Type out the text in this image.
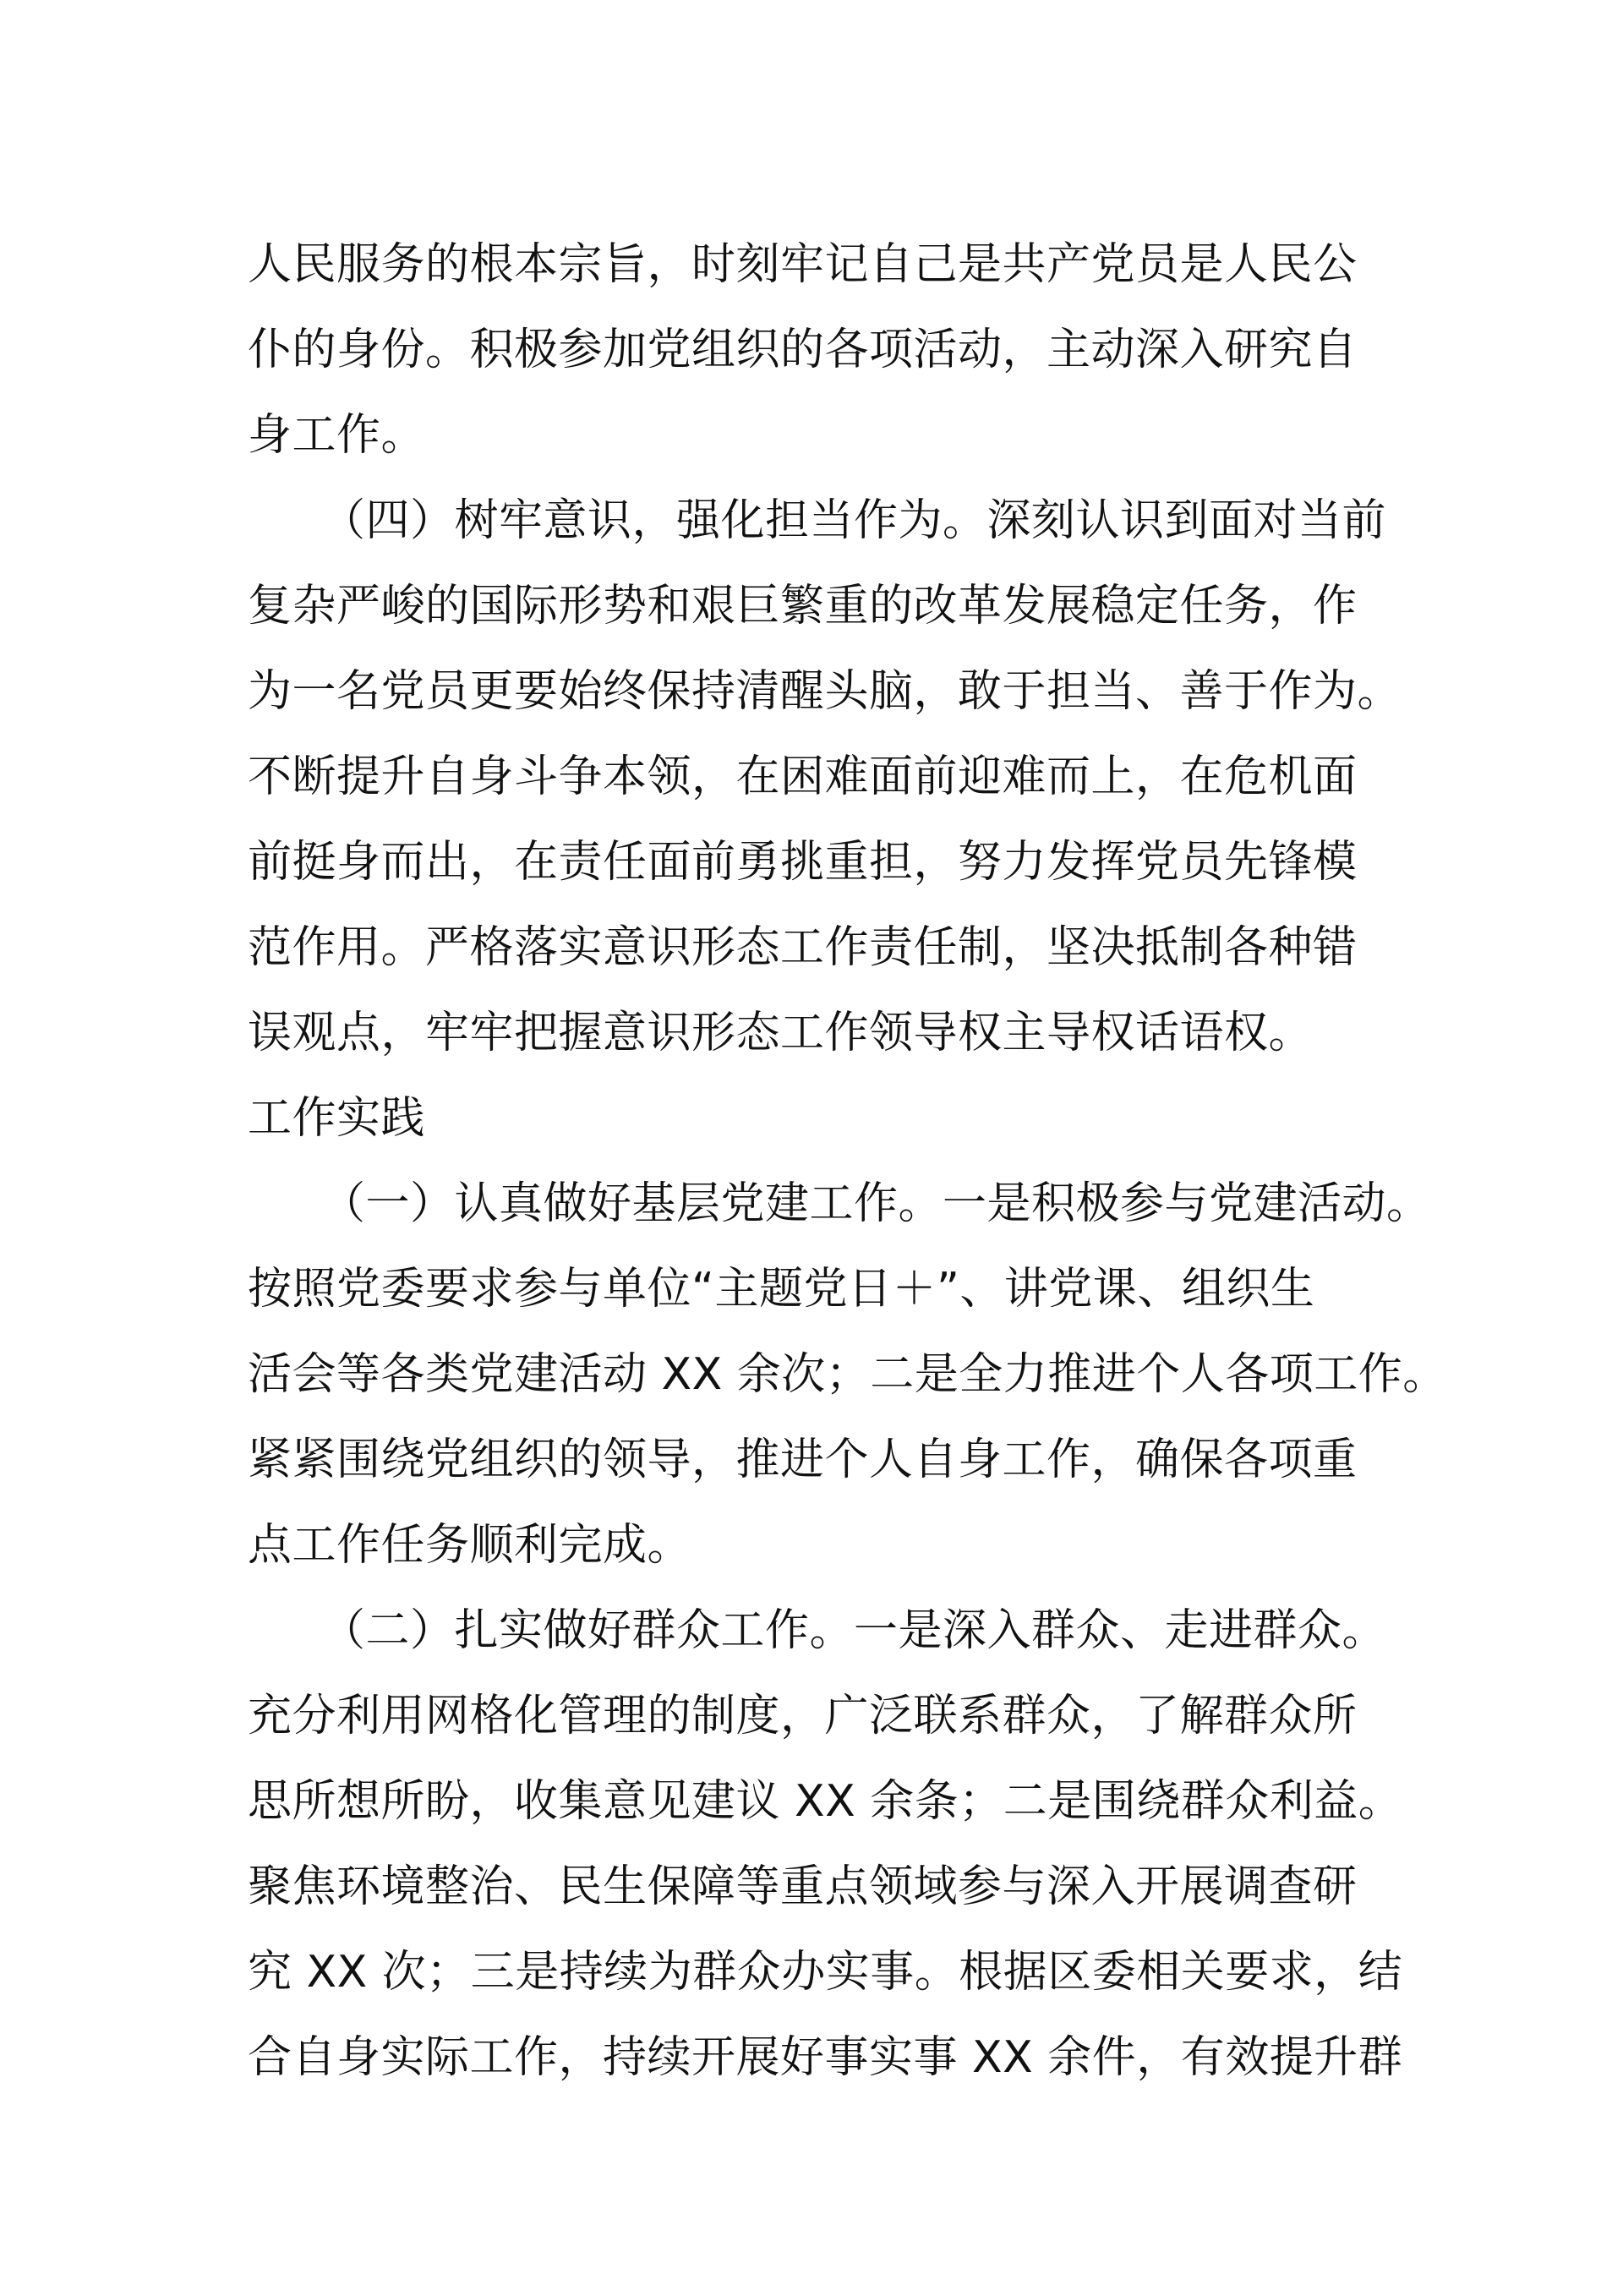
人民服务的根本宗旨，时刻牢记自己是共产党员是人民公
仆的身份。积极参加党组织的各项活动，主动深入研究自
身工作。
（四）树牢意识，强化担当作为。深刻认识到面对当前
复杂严峻的国际形势和艰巨繁重的改革发展稳定任务，作
为一名党员更要始终保持清醒头脑，敢于担当、善于作为。
不断提升自身斗争本领，在困难面前迎难而上，在危机面
前挺身而出，在责任面前勇挑重担，努力发挥党员先锋模
范作用。严格落实意识形态工作责任制，坚决抵制各种错
误观点，牢牢把握意识形态工作领导权主导权话语权。
工作实践
（一）认真做好基层党建工作。一是积极参与党建活动。
按照党委要求参与单位“主题党日＋”、讲党课、组织生
活会等各类党建活动 XX 余次；二是全力推进个人各项工作。
紧紧围绕党组织的领导，推进个人自身工作，确保各项重
点工作任务顺利完成。
（二）扎实做好群众工作。一是深入群众、走进群众。
充分利用网格化管理的制度，广泛联系群众，了解群众所
思所想所盼，收集意见建议 XX 余条；二是围绕群众利益。
聚焦环境整治、民生保障等重点领域参与深入开展调查研
究 XX 次；三是持续为群众办实事。根据区委相关要求，结
合自身实际工作，持续开展好事实事 XX 余件，有效提升群
